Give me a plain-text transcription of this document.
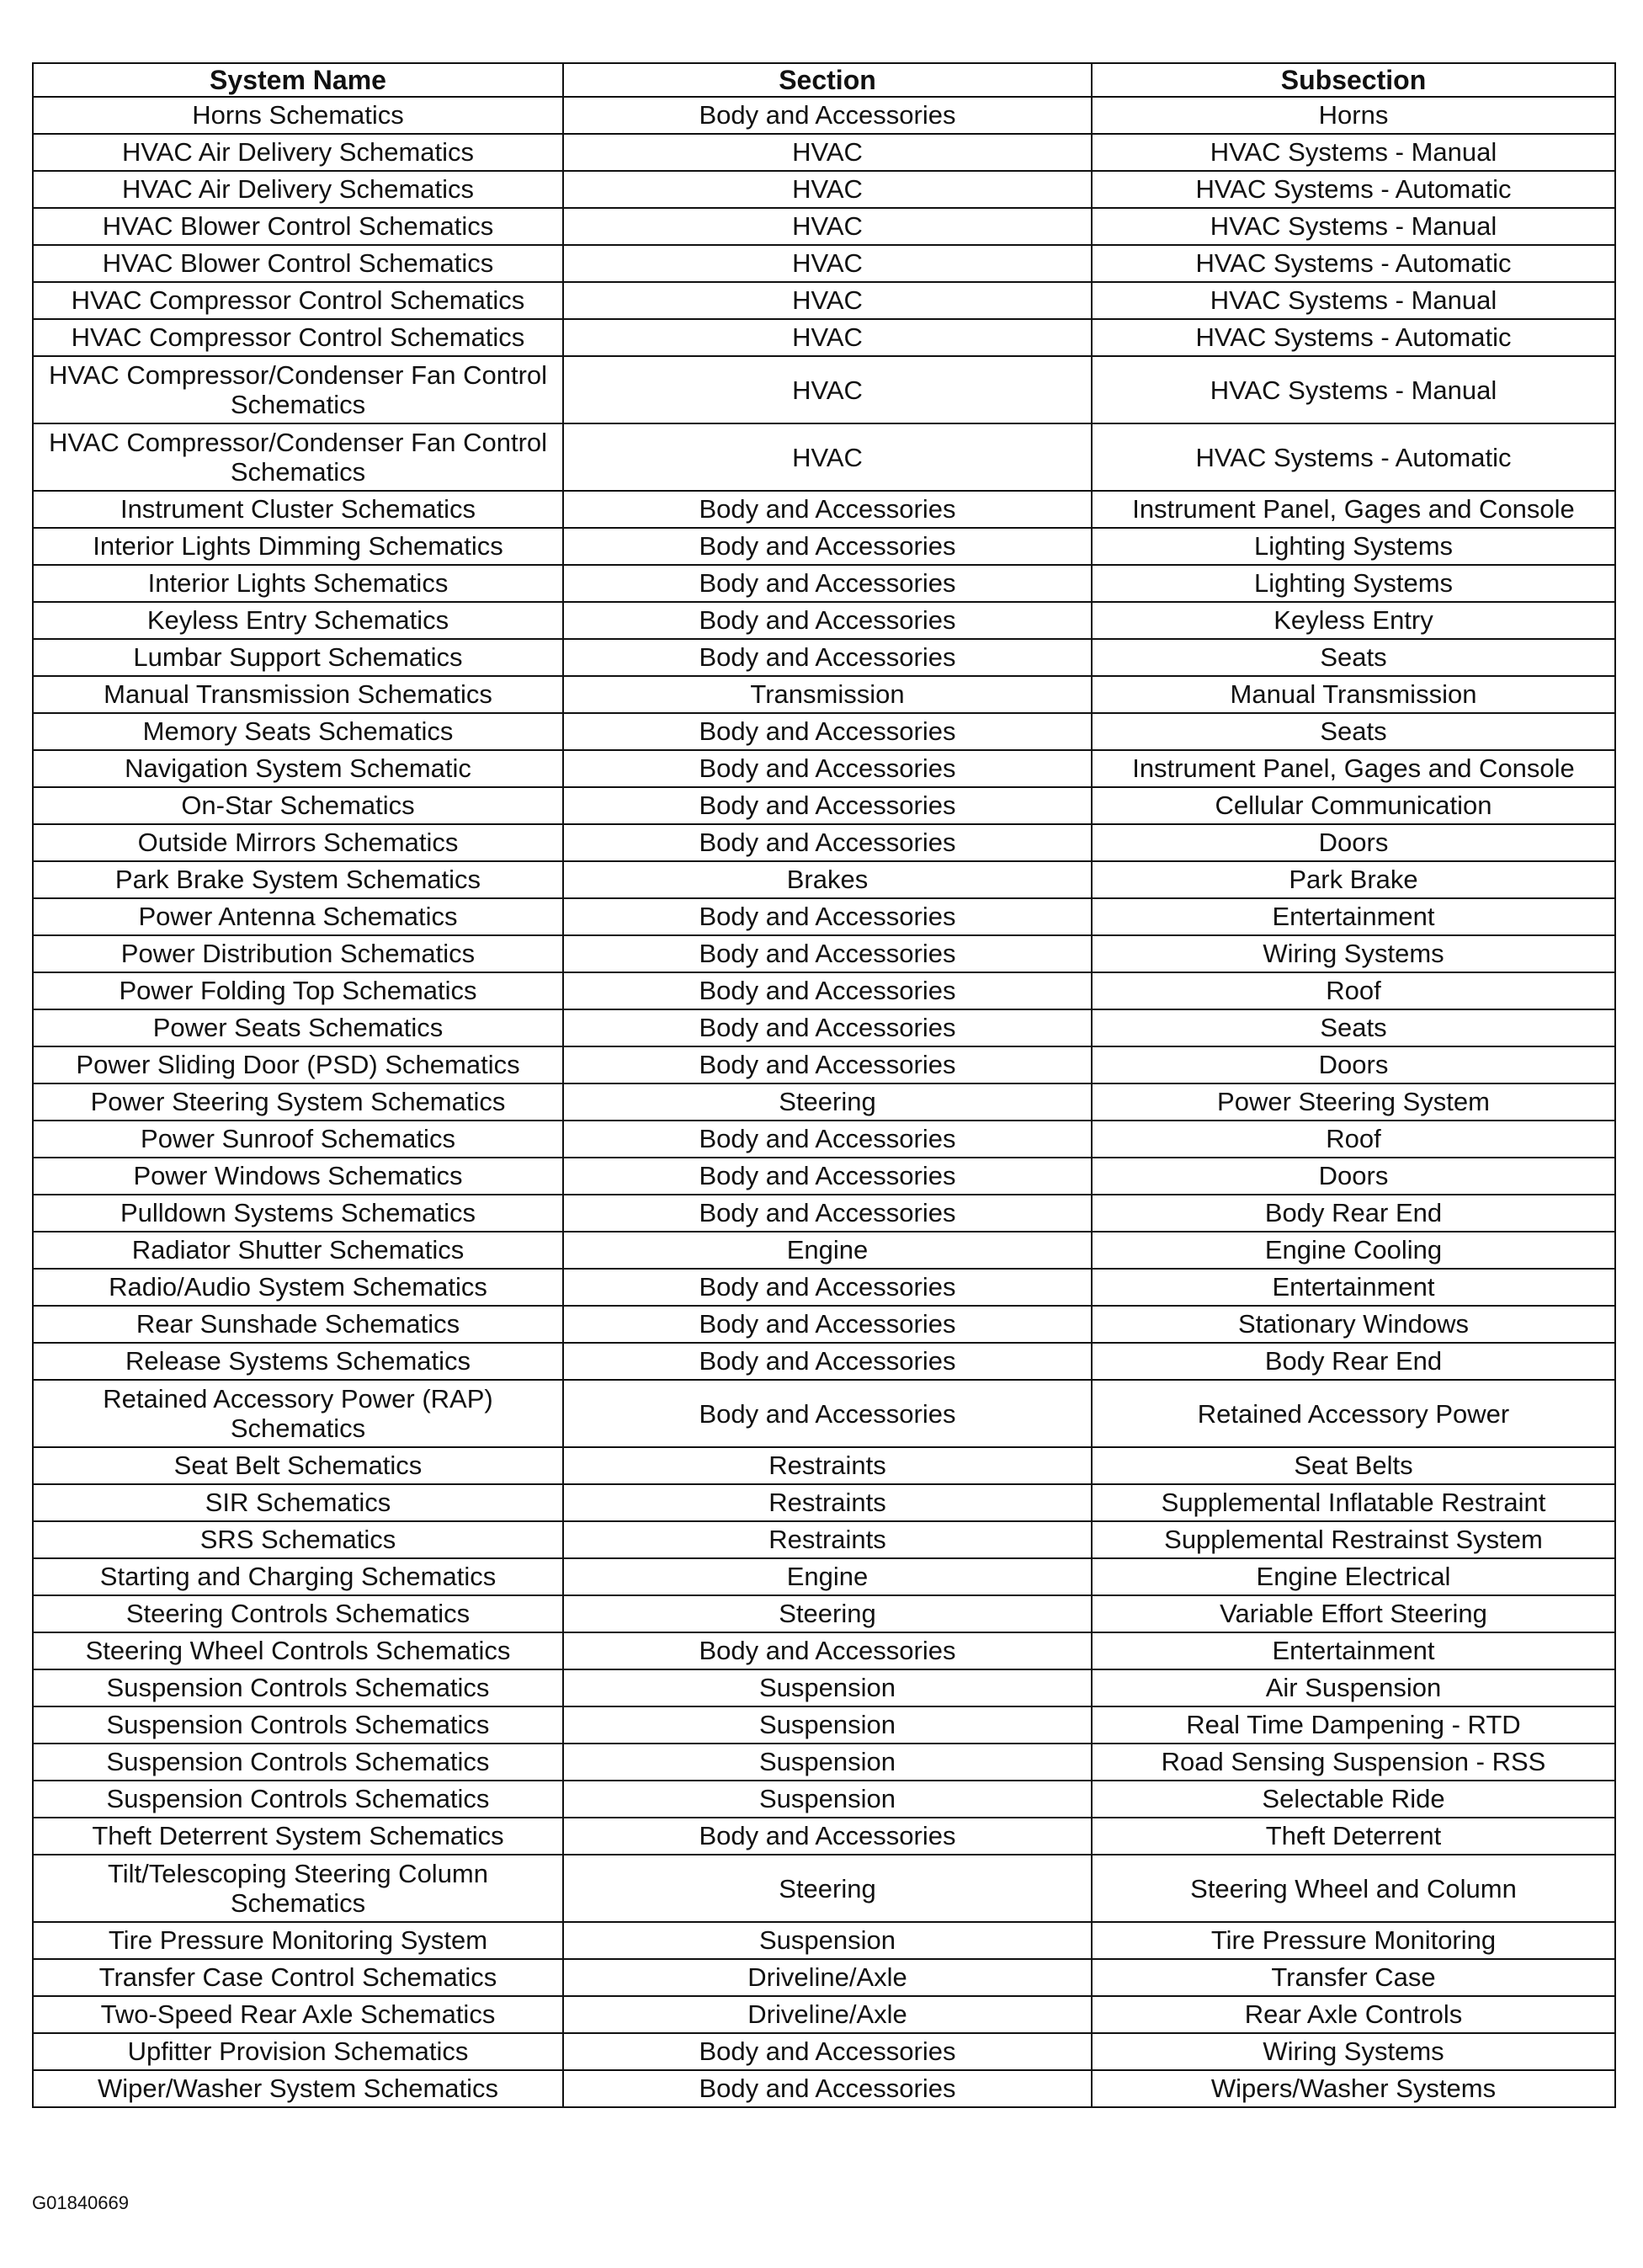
System Name	Section	Subsection
Horns Schematics	Body and Accessories	Horns
HVAC Air Delivery Schematics	HVAC	HVAC Systems - Manual
HVAC Air Delivery Schematics	HVAC	HVAC Systems - Automatic
HVAC Blower Control Schematics	HVAC	HVAC Systems - Manual
HVAC Blower Control Schematics	HVAC	HVAC Systems - Automatic
HVAC Compressor Control Schematics	HVAC	HVAC Systems - Manual
HVAC Compressor Control Schematics	HVAC	HVAC Systems - Automatic
HVAC Compressor/Condenser Fan Control Schematics	HVAC	HVAC Systems - Manual
HVAC Compressor/Condenser Fan Control Schematics	HVAC	HVAC Systems - Automatic
Instrument Cluster Schematics	Body and Accessories	Instrument Panel, Gages and Console
Interior Lights Dimming Schematics	Body and Accessories	Lighting Systems
Interior Lights Schematics	Body and Accessories	Lighting Systems
Keyless Entry Schematics	Body and Accessories	Keyless Entry
Lumbar Support Schematics	Body and Accessories	Seats
Manual Transmission Schematics	Transmission	Manual Transmission
Memory Seats Schematics	Body and Accessories	Seats
Navigation System Schematic	Body and Accessories	Instrument Panel, Gages and Console
On-Star Schematics	Body and Accessories	Cellular Communication
Outside Mirrors Schematics	Body and Accessories	Doors
Park Brake System Schematics	Brakes	Park Brake
Power Antenna Schematics	Body and Accessories	Entertainment
Power Distribution Schematics	Body and Accessories	Wiring Systems
Power Folding Top Schematics	Body and Accessories	Roof
Power Seats Schematics	Body and Accessories	Seats
Power Sliding Door (PSD) Schematics	Body and Accessories	Doors
Power Steering System Schematics	Steering	Power Steering System
Power Sunroof Schematics	Body and Accessories	Roof
Power Windows Schematics	Body and Accessories	Doors
Pulldown Systems Schematics	Body and Accessories	Body Rear End
Radiator Shutter Schematics	Engine	Engine Cooling
Radio/Audio System Schematics	Body and Accessories	Entertainment
Rear Sunshade Schematics	Body and Accessories	Stationary Windows
Release Systems Schematics	Body and Accessories	Body Rear End
Retained Accessory Power (RAP) Schematics	Body and Accessories	Retained Accessory Power
Seat Belt Schematics	Restraints	Seat Belts
SIR Schematics	Restraints	Supplemental Inflatable Restraint
SRS Schematics	Restraints	Supplemental Restrainst System
Starting and Charging Schematics	Engine	Engine Electrical
Steering Controls Schematics	Steering	Variable Effort Steering
Steering Wheel Controls Schematics	Body and Accessories	Entertainment
Suspension Controls Schematics	Suspension	Air Suspension
Suspension Controls Schematics	Suspension	Real Time Dampening - RTD
Suspension Controls Schematics	Suspension	Road Sensing Suspension - RSS
Suspension Controls Schematics	Suspension	Selectable Ride
Theft Deterrent System Schematics	Body and Accessories	Theft Deterrent
Tilt/Telescoping Steering Column Schematics	Steering	Steering Wheel and Column
Tire Pressure Monitoring System	Suspension	Tire Pressure Monitoring
Transfer Case Control Schematics	Driveline/Axle	Transfer Case
Two-Speed Rear Axle Schematics	Driveline/Axle	Rear Axle Controls
Upfitter Provision Schematics	Body and Accessories	Wiring Systems
Wiper/Washer System Schematics	Body and Accessories	Wipers/Washer Systems
G01840669
